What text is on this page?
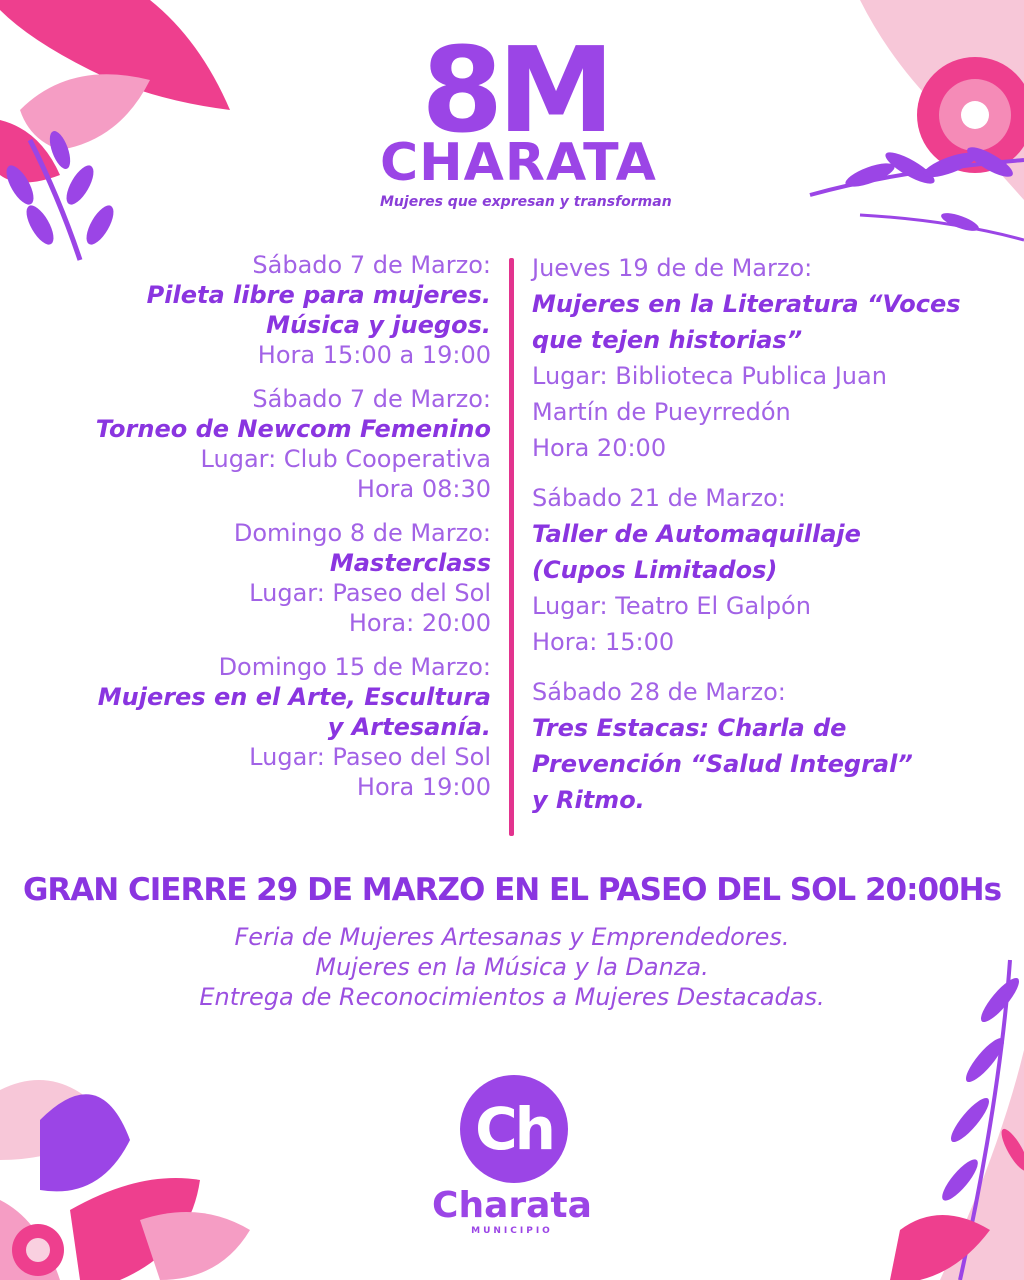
8M
CHARATA
Mujeres que expresan y transforman
Sábado 7 de Marzo:
Pileta libre para mujeres.
Música y juegos.
Hora 15:00 a 19:00
Sábado 7 de Marzo:
Torneo de Newcom Femenino
Lugar: Club Cooperativa
Hora 08:30
Domingo 8 de Marzo:
Masterclass
Lugar: Paseo del Sol
Hora: 20:00
Domingo 15 de Marzo:
Mujeres en el Arte, Escultura
y Artesanía.
Lugar: Paseo del Sol
Hora 19:00
Jueves 19 de de Marzo:
Mujeres en la Literatura “Voces
que tejen historias”
Lugar: Biblioteca Publica Juan
Martín de Pueyrredón
Hora 20:00
Sábado 21 de Marzo:
Taller de Automaquillaje
(Cupos Limitados)
Lugar: Teatro El Galpón
Hora: 15:00
Sábado 28 de Marzo:
Tres Estacas: Charla de
Prevención “Salud Integral”
y Ritmo.
GRAN CIERRE 29 DE MARZO EN EL PASEO DEL SOL 20:00Hs
Feria de Mujeres Artesanas y Emprendedores.
Mujeres en la Música y la Danza.
Entrega de Reconocimientos a Mujeres Destacadas.
Ch
Charata
MUNICIPIO
